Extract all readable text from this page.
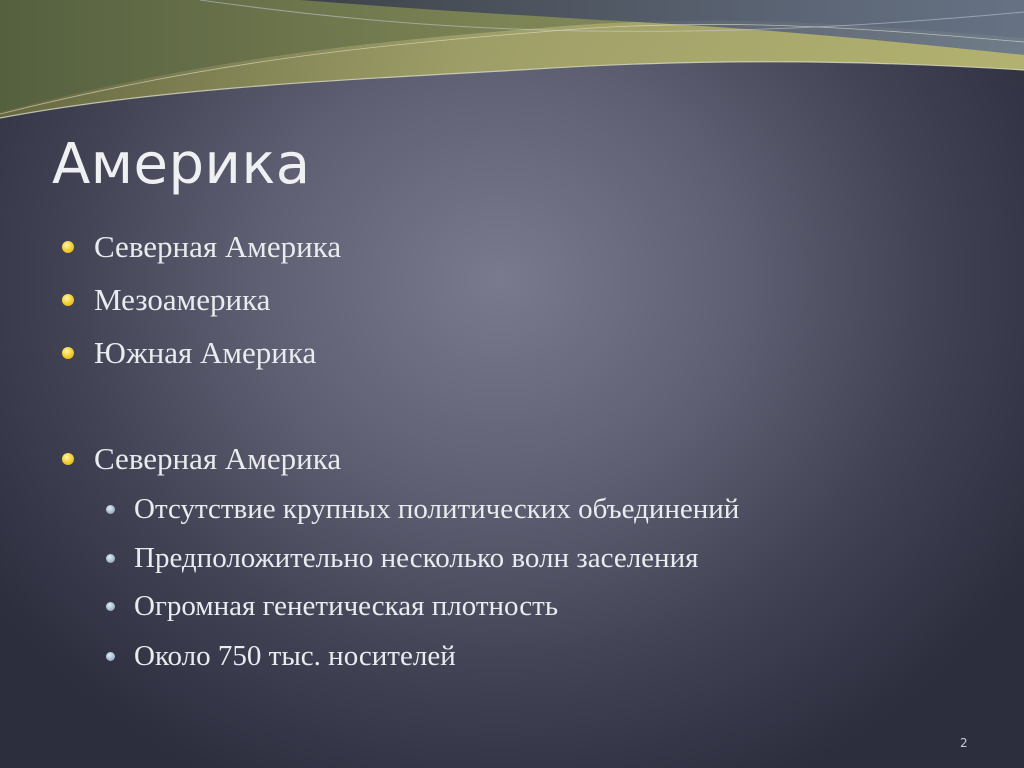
Америка
Северная Америка
Мезоамерика
Южная Америка
Северная Америка
Отсутствие крупных политических объединений
Предположительно несколько волн заселения
Огромная генетическая плотность
Около 750 тыс. носителей
2
